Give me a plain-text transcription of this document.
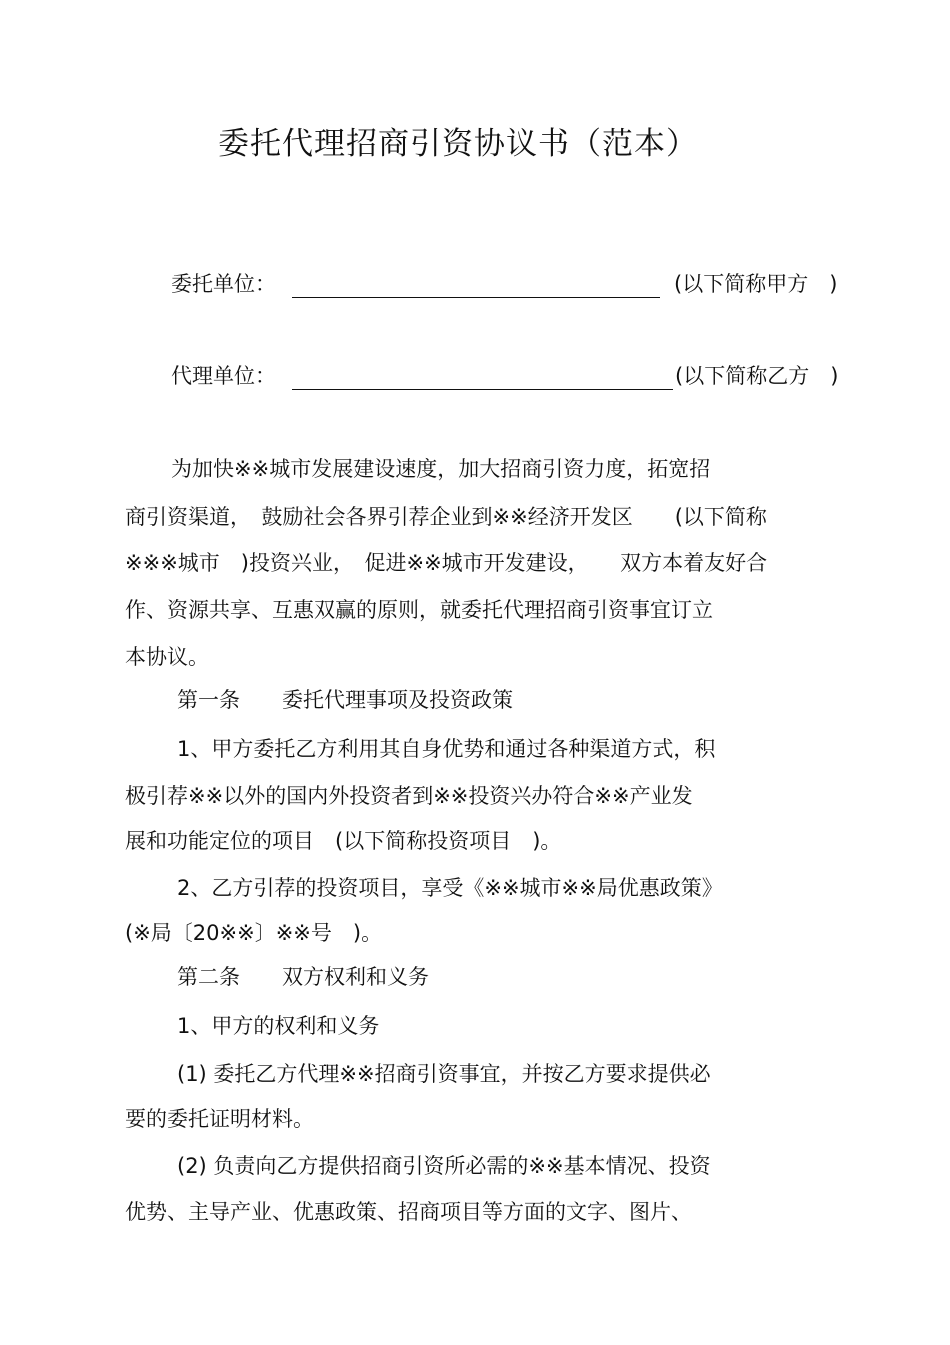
委托代理招商引资协议书（范本）
委托单位：	(以下简称甲方　)
代理单位：	(以下简称乙方　)
为加快※※城市发展建设速度，加大招商引资力度，拓宽招
商引资渠道，　鼓励社会各界引荐企业到※※经济开发区　　(以下简称
※※※城市　)投资兴业，　促进※※城市开发建设，　　双方本着友好合
作、资源共享、互惠双赢的原则，就委托代理招商引资事宜订立
本协议。
第一条　　委托代理事项及投资政策
1、甲方委托乙方利用其自身优势和通过各种渠道方式，积
极引荐※※以外的国内外投资者到※※投资兴办符合※※产业发
展和功能定位的项目　(以下简称投资项目　)。
2、乙方引荐的投资项目，享受《※※城市※※局优惠政策》
(※局〔20※※〕※※号　)。
第二条　　双方权利和义务
1、甲方的权利和义务
(1) 委托乙方代理※※招商引资事宜，并按乙方要求提供必
要的委托证明材料。
(2) 负责向乙方提供招商引资所必需的※※基本情况、投资
优势、主导产业、优惠政策、招商项目等方面的文字、图片、
